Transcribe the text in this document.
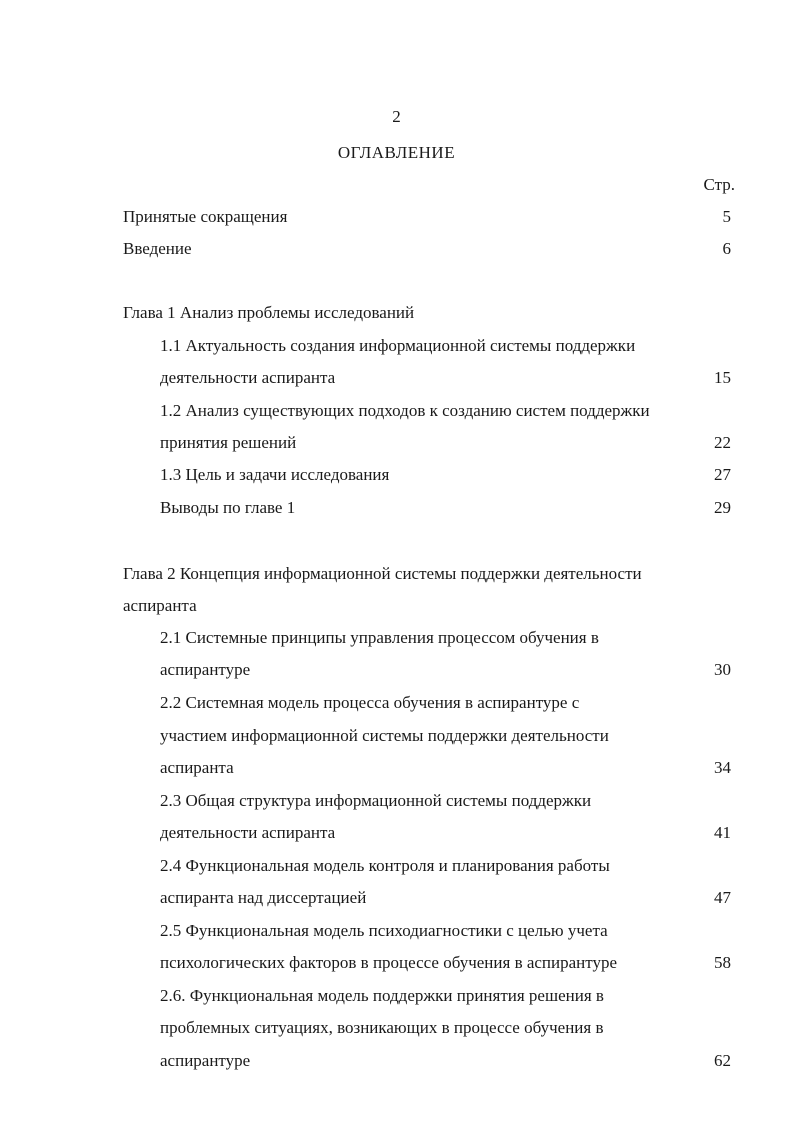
2
ОГЛАВЛЕНИЕ
Стр.
Принятые сокращения	5
Введение	6
Глава 1 Анализ проблемы исследований
1.1 Актуальность создания информационной системы поддержки
деятельности аспиранта	15
1.2 Анализ существующих подходов к созданию систем поддержки
принятия решений	22
1.3 Цель и задачи исследования	27
Выводы по главе 1	29
Глава 2 Концепция информационной системы поддержки деятельности
аспиранта
2.1 Системные принципы управления процессом обучения в
аспирантуре	30
2.2 Системная модель процесса обучения в аспирантуре с
участием информационной системы поддержки деятельности
аспиранта	34
2.3 Общая структура информационной системы поддержки
деятельности аспиранта	41
2.4 Функциональная модель контроля и планирования работы
аспиранта над диссертацией	47
2.5 Функциональная модель психодиагностики с целью учета
психологических факторов в процессе обучения в аспирантуре	58
2.6. Функциональная модель поддержки принятия решения в
проблемных ситуациях, возникающих в процессе обучения в
аспирантуре	62
